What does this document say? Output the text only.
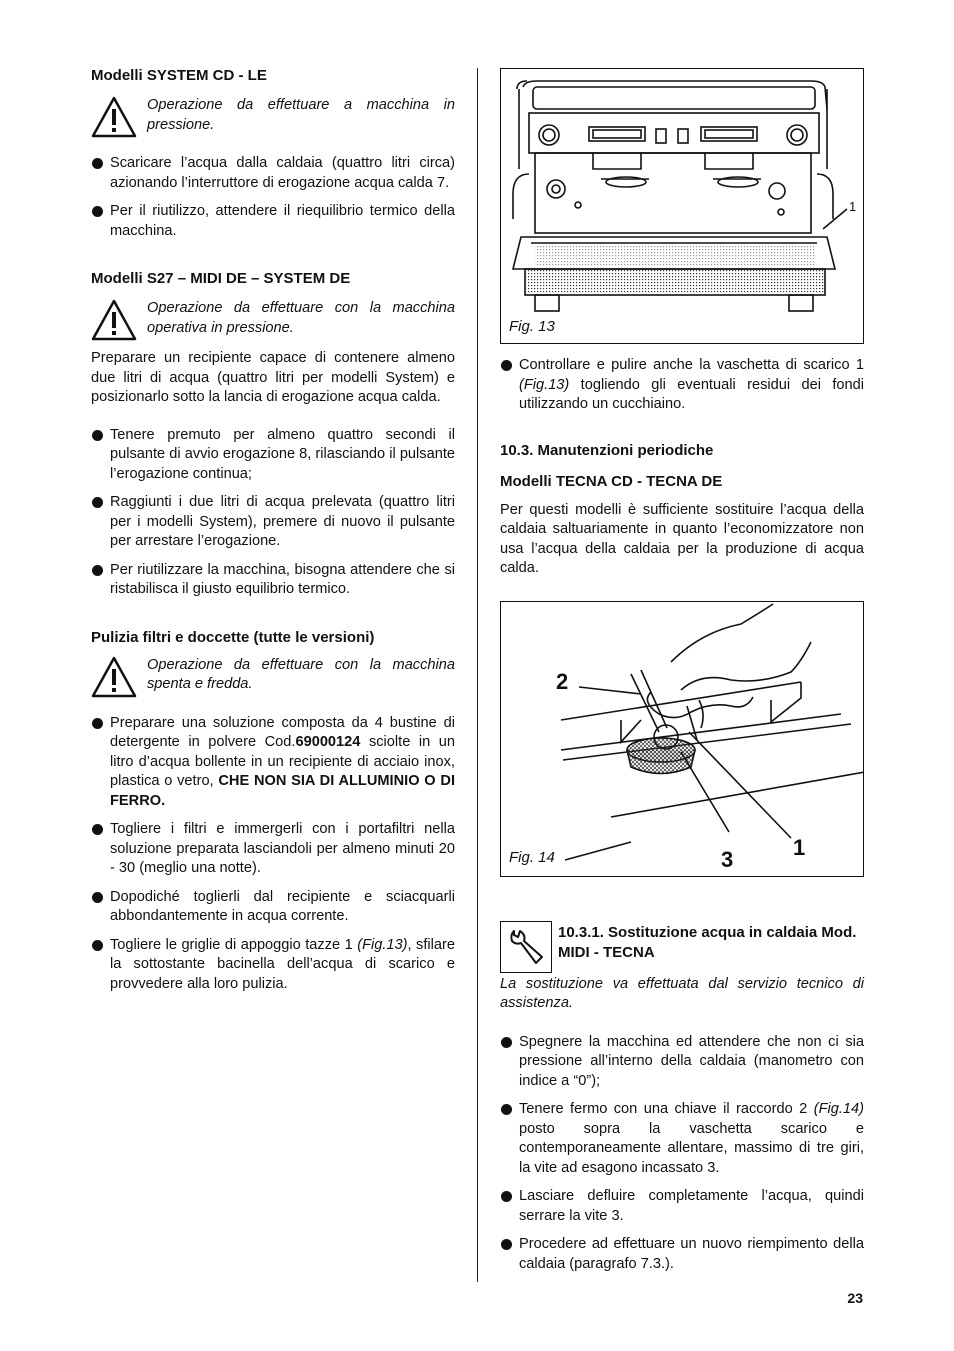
Modelli SYSTEM CD - LE

Operazione da effettuare a macchina in pressione.

Scaricare l’acqua dalla caldaia (quattro litri circa) azionando l’interruttore di erogazione acqua calda 7.

Per il riutilizzo, attendere il riequilibrio termico della macchina.

Modelli S27 – MIDI DE – SYSTEM DE

Operazione da effettuare con la macchina operativa in pressione.

Preparare un recipiente capace di contenere almeno due litri di acqua (quattro litri per modelli System) e posizionarlo sotto la lancia di erogazione acqua calda.

Tenere premuto per almeno quattro secondi il pulsante di avvio erogazione 8, rilasciando il pulsante l’erogazione continua;

Raggiunti i due litri di acqua prelevata (quattro litri per i modelli System), premere di nuovo il pulsante per arrestare l’erogazione.

Per riutilizzare la macchina, bisogna attendere che si ristabilisca il giusto equilibrio termico.

Pulizia filtri e doccette (tutte le versioni)

Operazione da effettuare con la macchina spenta e fredda.

Preparare una soluzione composta da 4 bustine di detergente in polvere Cod.69000124 sciolte in un litro d’acqua bollente in un recipiente di acciaio inox, plastica o vetro, CHE NON SIA DI ALLUMINIO O DI FERRO.

Togliere i filtri e immergerli con i portafiltri nella soluzione preparata lasciandoli per almeno minuti 20 - 30 (meglio una notte).

Dopodiché toglierli dal recipiente e sciacquarli abbondantemente in acqua corrente.

Togliere le griglie di appoggio tazze 1 (Fig.13), sfilare la sottostante bacinella dell’acqua di scarico e provvedere alla loro pulizia.

Fig. 13
1

Controllare e pulire anche la vaschetta di scarico 1 (Fig.13) togliendo gli eventuali residui dei fondi utilizzando un cucchiaino.

10.3. Manutenzioni periodiche
Modelli TECNA CD - TECNA DE

Per questi modelli è sufficiente sostituire l’acqua della caldaia saltuariamente in quanto l’economizzatore non usa l’acqua della caldaia per la produzione di acqua calda.

Fig. 14
2
1
3
10.3.1. Sostituzione acqua in caldaia Mod. MIDI - TECNA

La sostituzione va effettuata dal servizio tecnico di assistenza.

Spegnere la macchina ed attendere che non ci sia pressione all’interno della caldaia (manometro con indice a “0”);

Tenere fermo con una chiave il raccordo 2 (Fig.14) posto sopra la vaschetta scarico e contemporaneamente allentare, massimo di tre giri, la vite ad esagono incassato 3.

Lasciare defluire completamente l’acqua, quindi serrare la vite 3.

Procedere ad effettuare un nuovo riempimento della caldaia (paragrafo 7.3.).

23
